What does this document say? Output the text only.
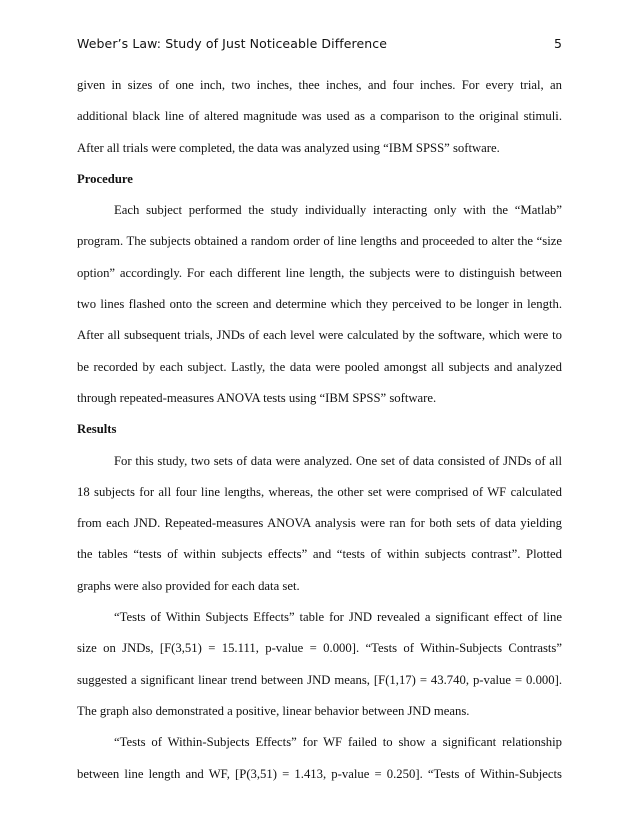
Weber’s Law: Study of Just Noticeable Difference	5

given in sizes of one inch, two inches, thee inches, and four inches. For every trial, an additional black line of altered magnitude was used as a comparison to the original stimuli. After all trials were completed, the data was analyzed using “IBM SPSS” software.

Procedure

Each subject performed the study individually interacting only with the “Matlab” program. The subjects obtained a random order of line lengths and proceeded to alter the “size option” accordingly. For each different line length, the subjects were to distinguish between two lines flashed onto the screen and determine which they perceived to be longer in length. After all subsequent trials, JNDs of each level were calculated by the software, which were to be recorded by each subject. Lastly, the data were pooled amongst all subjects and analyzed through repeated-measures ANOVA tests using “IBM SPSS” software.

Results

For this study, two sets of data were analyzed. One set of data consisted of JNDs of all 18 subjects for all four line lengths, whereas, the other set were comprised of WF calculated from each JND. Repeated-measures ANOVA analysis were ran for both sets of data yielding the tables “tests of within subjects effects” and “tests of within subjects contrast”. Plotted graphs were also provided for each data set.

“Tests of Within Subjects Effects” table for JND revealed a significant effect of line size on JNDs, [F(3,51) = 15.111, p-value = 0.000]. “Tests of Within-Subjects Contrasts” suggested a significant linear trend between JND means, [F(1,17) = 43.740, p-value = 0.000]. The graph also demonstrated a positive, linear behavior between JND means.

“Tests of Within-Subjects Effects” for WF failed to show a significant relationship between line length and WF, [P(3,51) = 1.413, p-value = 0.250]. “Tests of Within-Subjects
